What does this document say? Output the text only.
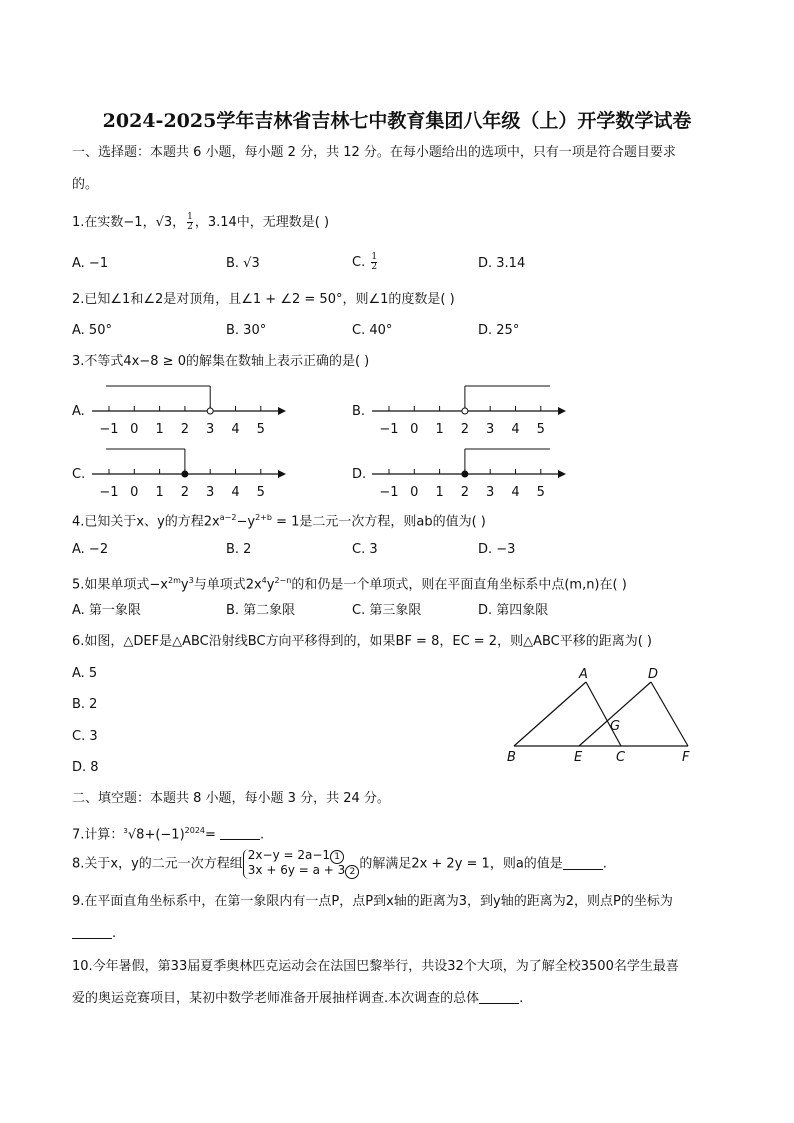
2024-2025学年吉林省吉林七中教育集团八年级（上）开学数学试卷
一、选择题：本题共 6 小题，每小题 2 分，共 12 分。在每小题给出的选项中，只有一项是符合题目要求
的。
1.在实数−1，√3， $\frac{1}{2}$ ，3.14中，无理数是( )
A. −1	B. √3	C. $\frac{1}{2}$	D. 3.14
2.已知∠1和∠2是对顶角，且∠1 + ∠2 = 50°，则∠1的度数是( )
A. 50°	B. 30°	C. 40°	D. 25°
3.不等式4x−8 ≥ 0的解集在数轴上表示正确的是( )
A.
−1 0 1 2 3 4 5
B.
−1 0 1 2 3 4 5
C.
−1 0 1 2 3 4 5
D.
−1 0 1 2 3 4 5
4.已知关于x、y的方程$2x^{a-2}-y^{2+b} = 1$是二元一次方程，则ab的值为( )
A. −2	B. 2	C. 3	D. −3
5.如果单项式$-x^{2m}y^3$与单项式$2x^4y^{2-n}$的和仍是一个单项式，则在平面直角坐标系中点(m,n)在( )
A. 第一象限	B. 第二象限	C. 第三象限	D. 第四象限
6.如图，△DEF是△ABC沿射线BC方向平移得到的，如果BF = 8，EC = 2，则△ABC平移的距离为( )
A. 5
B. 2
C. 3
D. 8
A	D
G
B	E	C	F
二、填空题：本题共 8 小题，每小题 3 分，共 24 分。
7.计算：$^3√8+(-1)^{2024}=$	.
8.关于x，y的二元一次方程组
2x−y = 2a−1 1
3x + 6y = a + 3 2
的解满足2x + 2y = 1，则a的值是	.
9.在平面直角坐标系中，在第一象限内有一点P，点P到x轴的距离为3，到y轴的距离为2，则点P的坐标为
.
10.今年暑假，第33届夏季奥林匹克运动会在法国巴黎举行，共设32个大项，为了解全校3500名学生最喜
爱的奥运竞赛项目，某初中数学老师准备开展抽样调查.本次调查的总体	.
